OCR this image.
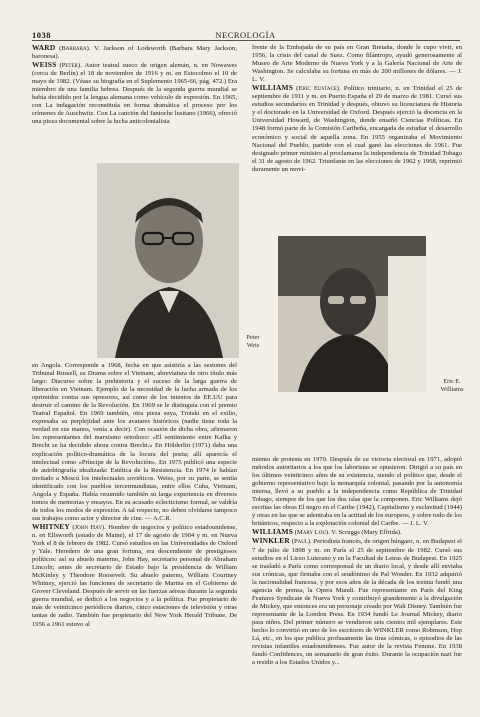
1038	NECROLOGÍA

WARD (Barbara). V. Jackson of Lodsworth (Barbara Mary Jackson, baronesa).

WEISS (Peter). Autor teatral sueco de origen alemán, n. en Nowawes (cerca de Berlín) el 18 de noviembre de 1916 y m. en Estocolmo el 10 de mayo de 1982. (Véase su biografía en el Suplemento 1965-66, pág. 472.) Era miembro de una familia hebrea. Después de la segunda guerra mundial se había decidido por la lengua alemana como vehículo de expresión. En 1965, con La indagación reconstituía en forma dramática el proceso por los crímenes de Auschwitz. Con La canción del fantoche lusitano (1966), ofreció una pieza documental sobre la lucha anticolonialista

Peter
Weis

en Angola. Corresponde a 1968, fecha en que asistiría a las sesiones del Tribunal Russell, su Drama sobre el Vietnam, abreviatura de otro título más largo: Discurso sobre la prehistoria y el suceso de la larga guerra de liberación en Vietnam. Ejemplo de la necesidad de la lucha armada de los oprimidos contra sus opresores, así como de los intentos de EE.UU para destruir el camino de la Revolución. En 1969 se le distinguía con el premio Teatral Español. En 1969 también, otra pieza suya, Trotski en el exilio, expresaba su perplejidad ante los avatares históricos (nadie tiene toda la verdad en sus manos, venía a decir). Con ocasión de dicha obra, afirmaron los representantes del marxismo ortodoxo: «El sentimiento entre Kafka y Brecht se ha decidido ahora contra Brecht.» En Hölderlin (1971) daba una explicación político-dramática de la locura del poeta; allí aparecía el intelectual como «Príncipe de la Revolución». En 1975 publicó una especie de autobiografía idealizada: Estética de la Resistencia. En 1974 le habían invitado a Moscú los intelectuales soviéticos. Weiss, por su parte, se sentía identificado con los pueblos tercermundistas, entre ellos Cuba, Vietnam, Angola y España. Había resumido también su larga experiencia en diversos tomos de memorias y ensayos. En su acusado eclecticismo formal, se valdría de todos los modos de expresión. A tal respecto, no deben olvidarse tampoco sus trabajos como actor y director de cine. — A.C.R.

WHITNEY (John Hay). Hombre de negocios y político estadounidense, n. en Ellsworth (estado de Maine), el 17 de agosto de 1904 y m. en Nueva York el 8 de febrero de 1982. Cursó estudios en las Universidades de Oxford y Yale. Heredero de una gran fortuna, era descendiente de prestigiosos políticos: así su abuelo materno, John Hay, secretario personal de Abraham Lincoln; antes de secretario de Estado bajo la presidencia de William McKinley y Theodore Roosevelt. Su abuelo paterno, William Courtney Whitney, ejerció las funciones de secretario de Marina en el Gobierno de Grover Cleveland. Después de servir en las fuerzas aéreas durante la segunda guerra mundial, se dedicó a los negocios y a la política. Fue propietario de más de veinticinco periódicos diarios, cinco estaciones de televisión y otras tantas de radio. También fue propietario del New York Herald Tribune. De 1956 a 1961 estuvo al

frente de la Embajada de su país en Gran Bretaña, donde le cupo vivir, en 1956, la crisis del canal de Suez. Como filántropo, ayudó generosamente al Museo de Arte Moderno de Nueva York y a la Galería Nacional de Arte de Washington. Se calculaba su fortuna en más de 200 millones de dólares. — J. L. V.

WILLIAMS (Eric Eustace). Político trinitario, n. en Trinidad el 25 de septiembre de 1911 y m. en Puerto España el 29 de marzo de 1981. Cursó sus estudios secundarios en Trinidad y después, obtuvo su licenciatura de Historia y el doctorado en la Universidad de Oxford. Después ejerció la docencia en la Universidad Howard, de Washington, donde enseñó Ciencias Políticas. En 1948 formó parte de la Comisión Caribeña, encargada de estudiar el desarrollo económico y social de aquella zona. En 1955 organizaba el Movimiento Nacional del Pueblo, partido con el cual ganó las elecciones de 1961. Fue designado primer ministro al proclamarse la independencia de Trinidad Tobago el 31 de agosto de 1962. Triunfante en las elecciones de 1962 y 1968, reprimió duramente un movi-

Eric E.
Williams

miento de protesta en 1970. Después de su victoria electoral en 1971, adoptó métodos autoritarios a los que los laboristas se opusieron. Dirigió a su país en los últimos veinticinco años de su existencia, siendo el político que, desde el gobierno representativo bajo la monarquía colonial, pasando por la autonomía interna, llevó a su pueblo a la independencia como República de Trinidad Tobago, siempre de los que los dos islas que la componen. Eric Williams dejó escritas las obras El negro en el Caribe (1942), Capitalismo y esclavitud (1944) y otras en las que se adentraba en la actitud de los europeos, y sobre todo de los británicos, respecto a la explotación colonial del Caribe. — J. L. V.

WILLIAMS (Mary Lou). V. Scruggs (Mary Elfrida).

WINKLER (Paul). Periodista francés, de origen húngaro, n. en Budapest el 7 de julio de 1898 y m. en París el 25 de septiembre de 1982. Cursó sus estudios en el Liceo Luterano y en la Facultad de Letras de Budapest. En 1925 se trasladó a París como corresponsal de un diario local, y desde allí enviaba sus crónicas, que firmaba con el seudónimo de Pal Wonder. En 1932 adquirió la nacionalidad francesa, y por esos años de la década de los treinta fundó una agencia de prensa, la Opera Mundi. Fue representante en París del King Features Syndicate de Nueva York y contribuyó grandemente a la divulgación de Mickey, que entonces era un personaje creado por Walt Disney. También fue representante de la London Press. En 1934 fundó Le Journal Mickey, diario para niños. Del primer número se vendieron seis cientos mil ejemplares. Este hecho lo convirtió en uno de los escritores de WINKLER como Robinson, Hop Lá, etc., en los que publica profusamente las tiras cómicas, o episodios de las revistas infantiles estadounidenses. Fue autor de la revista Femme. En 1938 fundó Confidences, un semanario de gran éxito. Durante la ocupación nazi fue a residir a los Estados Unidos y...
